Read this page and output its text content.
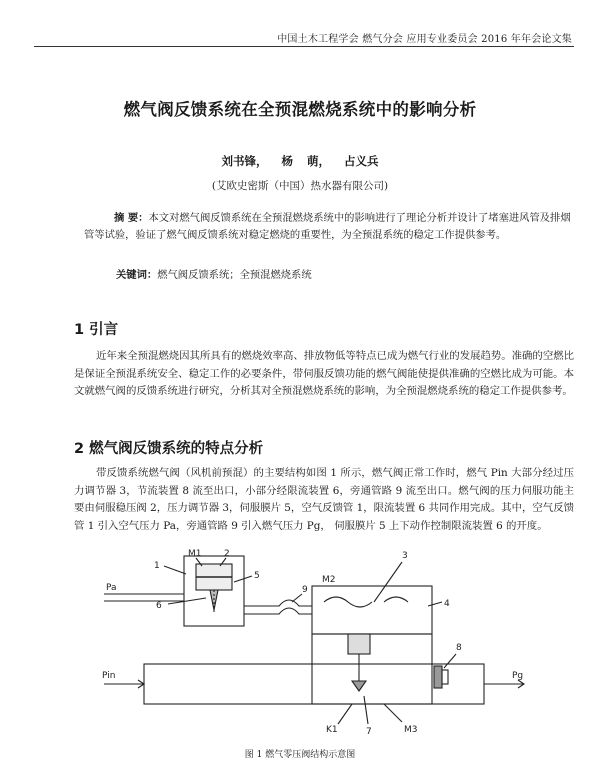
中国土木工程学会 燃气分会 应用专业委员会 2016 年年会论文集
燃气阀反馈系统在全预混燃烧系统中的影响分析
刘书锋， 杨 萌， 占义兵
(艾欧史密斯（中国）热水器有限公司)
摘 要：本文对燃气阀反馈系统在全预混燃烧系统中的影响进行了理论分析并设计了堵塞进风管及排烟管等试验，验证了燃气阀反馈系统对稳定燃烧的重要性，为全预混系统的稳定工作提供参考。
关键词：燃气阀反馈系统；全预混燃烧系统
1 引言
近年来全预混燃烧因其所具有的燃烧效率高、排放物低等特点已成为燃气行业的发展趋势。准确的空燃比是保证全预混系统安全、稳定工作的必要条件，带伺服反馈功能的燃气阀能使提供准确的空燃比成为可能。本文就燃气阀的反馈系统进行研究，分析其对全预混燃烧系统的影响，为全预混燃烧系统的稳定工作提供参考。
2 燃气阀反馈系统的特点分析
带反馈系统燃气阀（风机前预混）的主要结构如图 1 所示，燃气阀正常工作时，燃气 Pin 大部分经过压力调节器 3，节流装置 8 流至出口，小部分经限流装置 6，旁通管路 9 流至出口。燃气阀的压力伺服功能主要由伺服稳压阀 2，压力调节器 3，伺服膜片 5，空气反馈管 1，限流装置 6 共同作用完成。其中，空气反馈管 1 引入空气压力 Pa，旁通管路 9 引入燃气压力 Pg， 伺服膜片 5 上下动作控制限流装置 6 的开度。
1
M1	2
5
6
9
Pa
M2
3
4
8
Pin	Pg
K1	7	M3
图 1 燃气零压阀结构示意图
